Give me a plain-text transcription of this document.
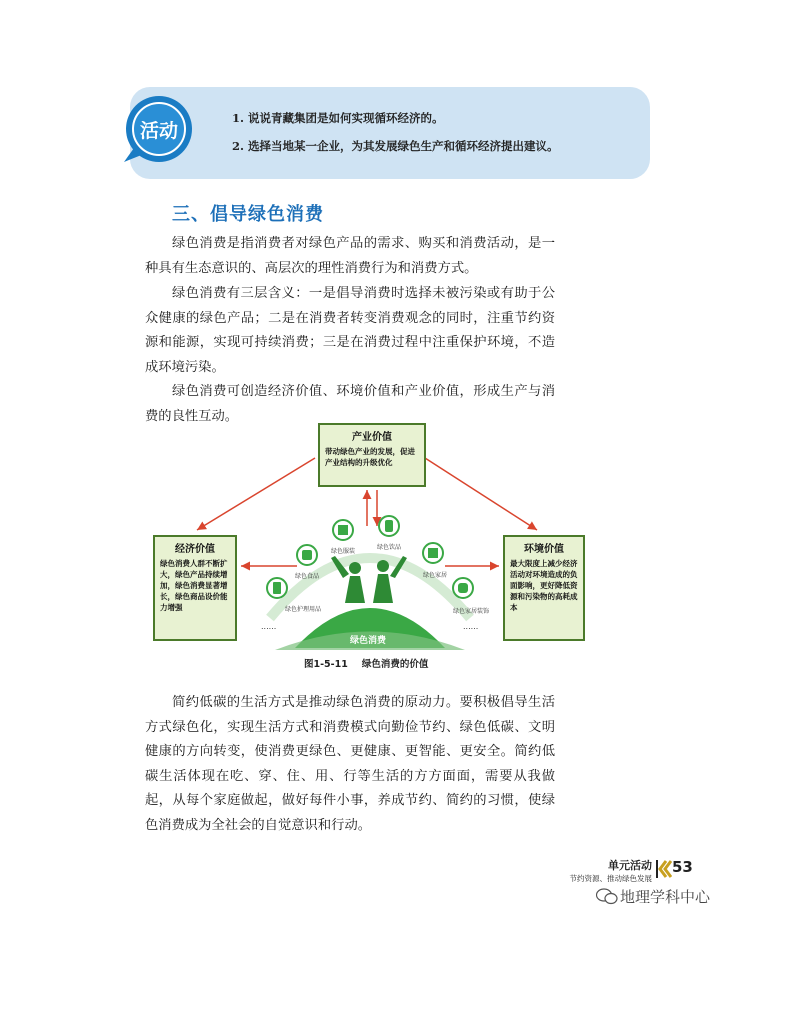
活动
1. 说说青藏集团是如何实现循环经济的。
2. 选择当地某一企业，为其发展绿色生产和循环经济提出建议。
三、倡导绿色消费

绿色消费是指消费者对绿色产品的需求、购买和消费活动，是一种具有生态意识的、高层次的理性消费行为和消费方式。

绿色消费有三层含义：一是倡导消费时选择未被污染或有助于公众健康的绿色产品；二是在消费者转变消费观念的同时，注重节约资源和能源，实现可持续消费；三是在消费过程中注重保护环境，不造成环境污染。

绿色消费可创造经济价值、环境价值和产业价值，形成生产与消费的良性互动。

产业价值
带动绿色产业的发展，促进产业结构的升级优化
经济价值
绿色消费人群不断扩大，绿色产品持续增加，绿色消费显著增长，绿色商品设价能力增强
环境价值
最大限度上减少经济活动对环境造成的负面影响，更好降低资源和污染物的高耗成本
绿色食品
绿色服装
绿色饮品
绿色家居
绿色家居装饰
绿色护理用品
......	......
绿色消费
图1-5-11 绿色消费的价值

简约低碳的生活方式是推动绿色消费的原动力。要积极倡导生活方式绿色化，实现生活方式和消费模式向勤俭节约、绿色低碳、文明健康的方向转变，使消费更绿色、更健康、更智能、更安全。简约低碳生活体现在吃、穿、住、用、行等生活的方方面面，需要从我做起，从每个家庭做起，做好每件小事，养成节约、简约的习惯，使绿色消费成为全社会的自觉意识和行动。

单元活动
节约资源、推动绿色发展
53
地理学科中心
